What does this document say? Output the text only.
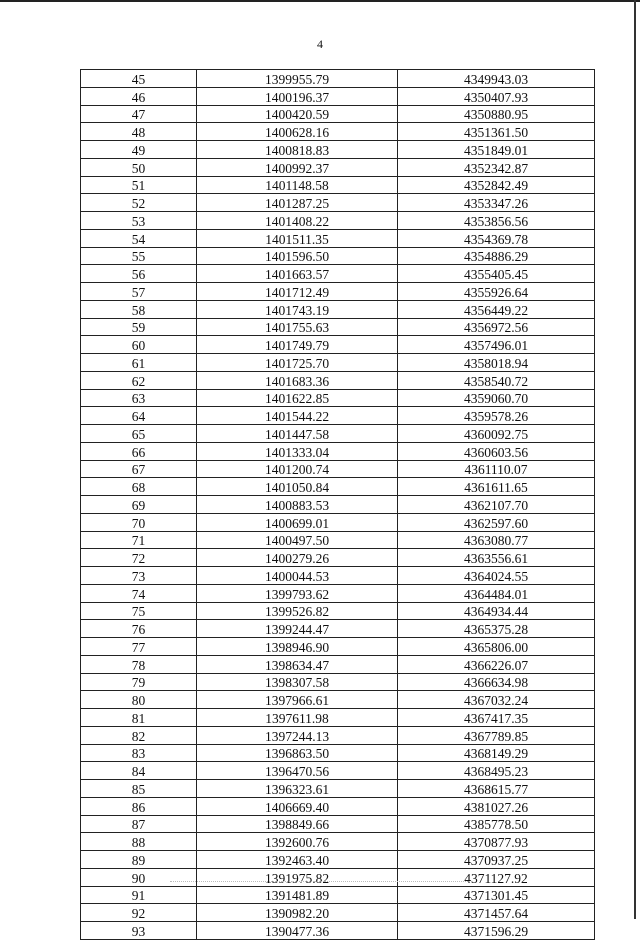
4
45	1399955.79	4349943.03
46	1400196.37	4350407.93
47	1400420.59	4350880.95
48	1400628.16	4351361.50
49	1400818.83	4351849.01
50	1400992.37	4352342.87
51	1401148.58	4352842.49
52	1401287.25	4353347.26
53	1401408.22	4353856.56
54	1401511.35	4354369.78
55	1401596.50	4354886.29
56	1401663.57	4355405.45
57	1401712.49	4355926.64
58	1401743.19	4356449.22
59	1401755.63	4356972.56
60	1401749.79	4357496.01
61	1401725.70	4358018.94
62	1401683.36	4358540.72
63	1401622.85	4359060.70
64	1401544.22	4359578.26
65	1401447.58	4360092.75
66	1401333.04	4360603.56
67	1401200.74	4361110.07
68	1401050.84	4361611.65
69	1400883.53	4362107.70
70	1400699.01	4362597.60
71	1400497.50	4363080.77
72	1400279.26	4363556.61
73	1400044.53	4364024.55
74	1399793.62	4364484.01
75	1399526.82	4364934.44
76	1399244.47	4365375.28
77	1398946.90	4365806.00
78	1398634.47	4366226.07
79	1398307.58	4366634.98
80	1397966.61	4367032.24
81	1397611.98	4367417.35
82	1397244.13	4367789.85
83	1396863.50	4368149.29
84	1396470.56	4368495.23
85	1396323.61	4368615.77
86	1406669.40	4381027.26
87	1398849.66	4385778.50
88	1392600.76	4370877.93
89	1392463.40	4370937.25
90	1391975.82	4371127.92
91	1391481.89	4371301.45
92	1390982.20	4371457.64
93	1390477.36	4371596.29
